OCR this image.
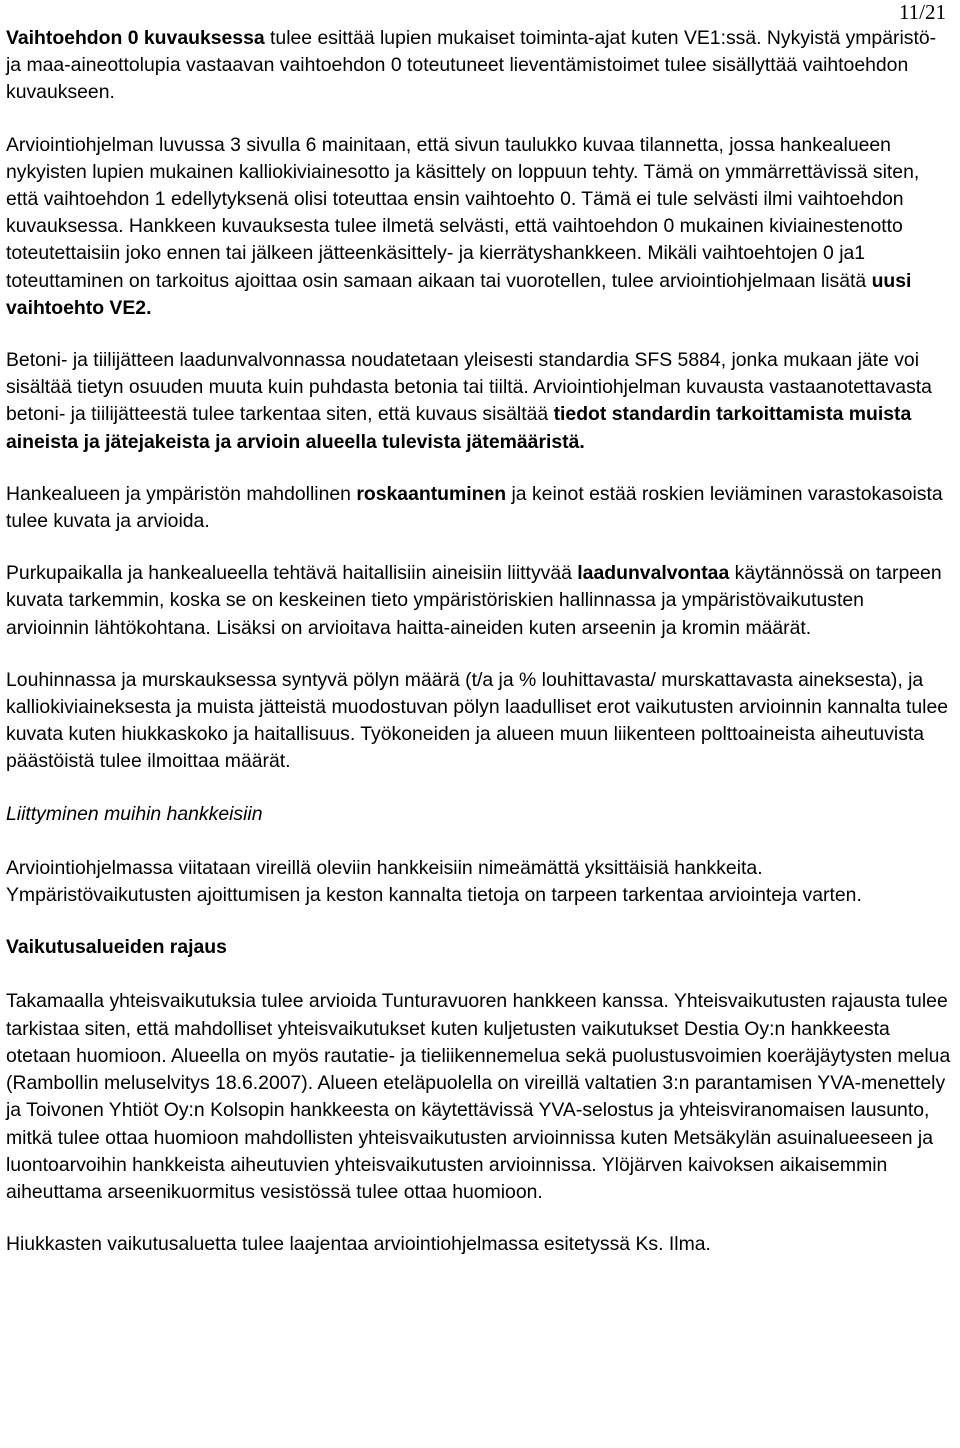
11/21

Vaihtoehdon 0 kuvauksessa tulee esittää lupien mukaiset toiminta-ajat kuten VE1:ssä. Nykyistä ympäristö- ja maa-aineottolupia vastaavan vaihtoehdon 0 toteutuneet lieventämistoimet tulee sisällyttää vaihtoehdon kuvaukseen.

Arviointiohjelman luvussa 3 sivulla 6 mainitaan, että sivun taulukko kuvaa tilannetta, jossa hankealueen nykyisten lupien mukainen kalliokiviainesotto ja käsittely on loppuun tehty. Tämä on ymmärrettävissä siten, että vaihtoehdon 1 edellytyksenä olisi toteuttaa ensin vaihtoehto 0. Tämä ei tule selvästi ilmi vaihtoehdon kuvauksessa. Hankkeen kuvauksesta tulee ilmetä selvästi, että vaihtoehdon 0 mukainen kiviainestenotto toteutettaisiin joko ennen tai jälkeen jätteenkäsittely- ja kierrätyshankkeen. Mikäli vaihtoehtojen 0 ja1 toteuttaminen on tarkoitus ajoittaa osin samaan aikaan tai vuorotellen, tulee arviointiohjelmaan lisätä uusi vaihtoehto VE2.

Betoni- ja tiilijätteen laadunvalvonnassa noudatetaan yleisesti standardia SFS 5884, jonka mukaan jäte voi sisältää tietyn osuuden muuta kuin puhdasta betonia tai tiiltä. Arviointiohjelman kuvausta vastaanotettavasta betoni- ja tiilijätteestä tulee tarkentaa siten, että kuvaus sisältää tiedot standardin tarkoittamista muista aineista ja jätejakeista ja arvioin alueella tulevista jätemääristä.

Hankealueen ja ympäristön mahdollinen roskaantuminen ja keinot estää roskien leviäminen varastokasoista tulee kuvata ja arvioida.

Purkupaikalla ja hankealueella tehtävä haitallisiin aineisiin liittyvää laadunvalvontaa käytännössä on tarpeen kuvata tarkemmin, koska se on keskeinen tieto ympäristöriskien hallinnassa ja ympäristövaikutusten arvioinnin lähtökohtana. Lisäksi on arvioitava haitta-aineiden kuten arseenin ja kromin määrät.

Louhinnassa ja murskauksessa syntyvä pölyn määrä (t/a ja % louhittavasta/ murskattavasta aineksesta), ja kalliokiviaineksesta ja muista jätteistä muodostuvan pölyn laadulliset erot vaikutusten arvioinnin kannalta tulee kuvata kuten hiukkaskoko ja haitallisuus. Työkoneiden ja alueen muun liikenteen polttoaineista aiheutuvista päästöistä tulee ilmoittaa määrät.

Liittyminen muihin hankkeisiin

Arviointiohjelmassa viitataan vireillä oleviin hankkeisiin nimeämättä yksittäisiä hankkeita. Ympäristövaikutusten ajoittumisen ja keston kannalta tietoja on tarpeen tarkentaa arviointeja varten.

Vaikutusalueiden rajaus

Takamaalla yhteisvaikutuksia tulee arvioida Tunturavuoren hankkeen kanssa. Yhteisvaikutusten rajausta tulee tarkistaa siten, että mahdolliset yhteisvaikutukset kuten kuljetusten vaikutukset Destia Oy:n hankkeesta otetaan huomioon. Alueella on myös rautatie- ja tieliikennemelua sekä puolustusvoimien koeräjäytysten melua (Rambollin meluselvitys 18.6.2007). Alueen eteläpuolella on vireillä valtatien 3:n parantamisen YVA-menettely ja Toivonen Yhtiöt Oy:n Kolsopin hankkeesta on käytettävissä YVA-selostus ja yhteisviranomaisen lausunto, mitkä tulee ottaa huomioon mahdollisten yhteisvaikutusten arvioinnissa kuten Metsäkylän asuinalueeseen ja luontoarvoihin hankkeista aiheutuvien yhteisvaikutusten arvioinnissa. Ylöjärven kaivoksen aikaisemmin aiheuttama arseenikuormitus vesistössä tulee ottaa huomioon.

Hiukkasten vaikutusaluetta tulee laajentaa arviointiohjelmassa esitetyssä Ks. Ilma.
